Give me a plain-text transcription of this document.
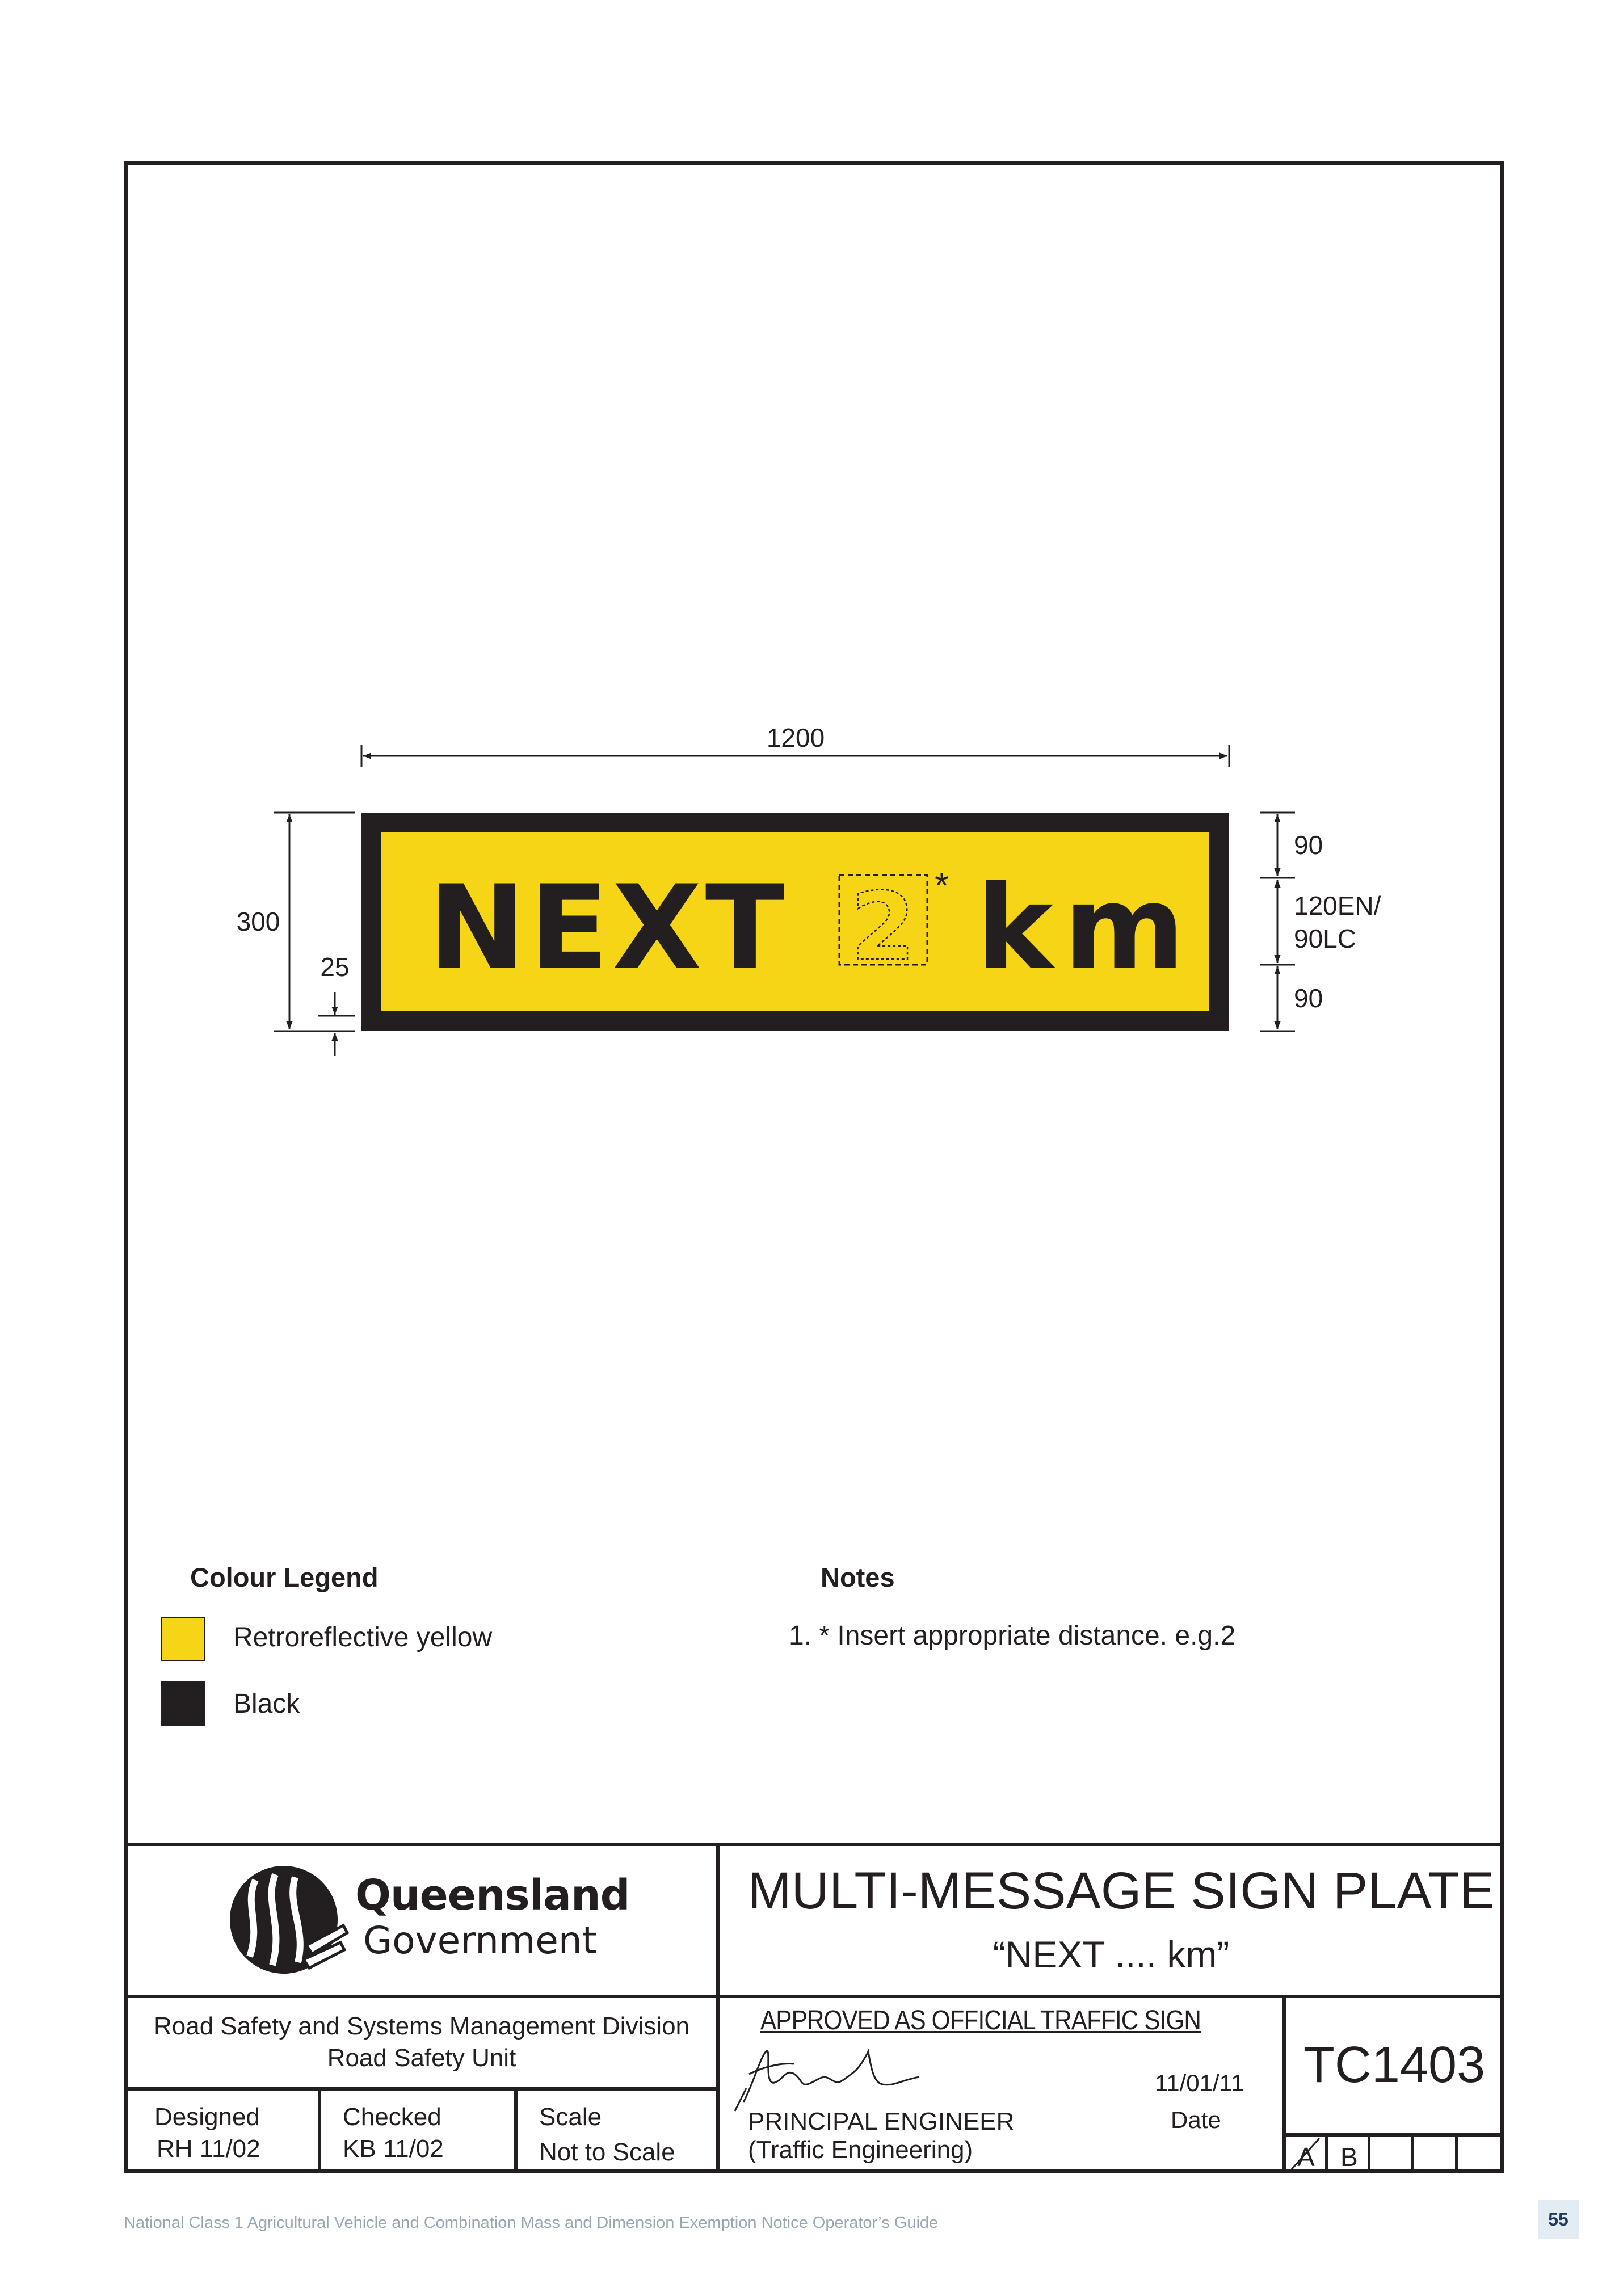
1200
300
25 NEXT 2 * km
90
120EN/
90LC
90
Colour Legend
Retroreflective yellow
Black
Notes
1. * Insert appropriate distance. e.g.2
Queensland
Government
MULTI-MESSAGE SIGN PLATE
“NEXT .... km”
Road Safety and Systems Management Division
Road Safety Unit
Designed
RH 11/02
Checked
KB 11/02
Scale
Not to Scale
APPROVED AS OFFICIAL TRAFFIC SIGN
11/01/11
Date
PRINCIPAL ENGINEER
(Traffic Engineering)
TC1403
A B
National Class 1 Agricultural Vehicle and Combination Mass and Dimension Exemption Notice Operator’s Guide	55
